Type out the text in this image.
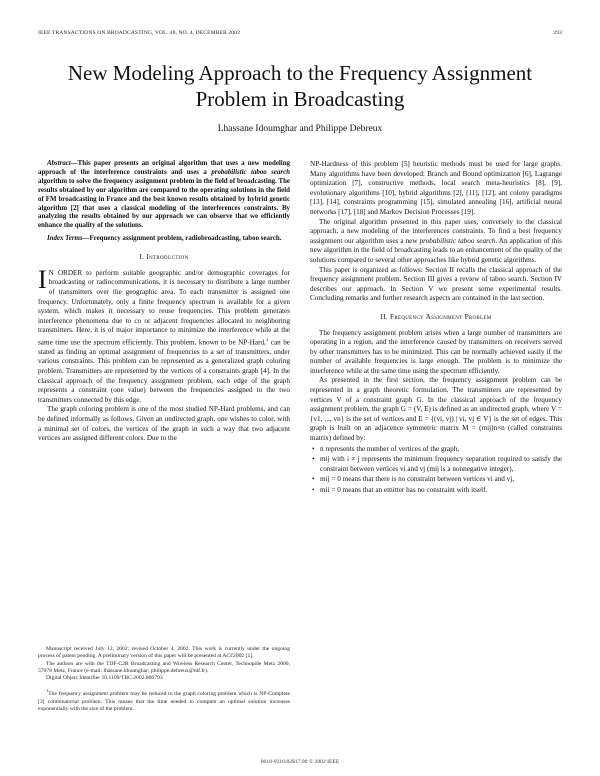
IEEE TRANSACTIONS ON BROADCASTING, VOL. 48, NO. 4, DECEMBER 2002	293
New Modeling Approach to the Frequency Assignment Problem in Broadcasting
Lhassane Idoumghar and Philippe Debreux

Abstract—This paper presents an original algorithm that uses a new modeling approach of the interference constraints and uses a probabilistic taboo search algorithm to solve the frequency assignment problem in the field of broadcasting. The results obtained by our algorithm are compared to the operating solutions in the field of FM broadcasting in France and the best known results obtained by hybrid genetic algorithm [2] that uses a classical modeling of the interferences constraints. By analyzing the results obtained by our approach we can observe that we efficiently enhance the quality of the solutions.

Index Terms—Frequency assignment problem, radiobroadcasting, taboo search.

I. Introduction

I N ORDER to perform suitable geographic and/or demographic coverages for broadcasting or radiocommunications, it is necessary to distribute a large number of transmitters over the geographic area. To each transmitter is assigned one frequency. Unfortunately, only a finite frequency spectrum is available for a given system, which makes it necessary to reuse frequencies. This problem generates interference phenomena due to co or adjacent frequencies allocated to neighboring transmitters. Here, it is of major importance to minimize the interference while at the same time use the spectrum efficiently. This problem, known to be NP-Hard,$^1$ can be stated as finding an optimal assignment of frequencies to a set of transmitters, under various constraints. This problem can be represented as a generalized graph coloring problem. Transmitters are represented by the vertices of a constraints graph [4]. In the classical approach of the frequency assignment problem, each edge of the graph represents a constraint (one value) between the frequencies assigned to the two transmitters connected by this edge.

The graph coloring problem is one of the most studied NP-Hard problems, and can be defined informally as follows. Given an undirected graph, one wishes to color, with a minimal set of colors, the vertices of the graph in such a way that two adjacent vertices are assigned different colors. Due to the

Manuscript received July 12, 2002; revised October 4, 2002. This work is currently under the ongoing process of patent pending. A preliminary version of this paper will be presented at ACI'2002 [1].

The authors are with the TDF-C2R Broadcasting and Wireless Research Center, Technopôle Metz 2000, 57078 Metz, France (e-mail: lhassane.idoumghar; philippe.debreux@tdf.fr).

Digital Object Identifier 10.1109/TBC.2002.806793

$^1$The frequency assignment problem may be reduced to the graph coloring problem which is NP-Complete [3] combinatorial problem. This means that the time needed to compute an optimal solution increases exponentially with the size of the problem.

NP-Hardness of this problem [5] heuristic methods must be used for large graphs. Many algorithms have been developed: Branch and Bound optimization [6], Lagrange optimization [7], constructive methods, local search meta-heuristics [8], [9], evolutionary algorithms [10], hybrid algorithms [2], [11], [12], ant colony paradigms [13], [14], constraints programming [15], simulated annealing [16], artificial neural networks [17], [18] and Markov Decision Processes [19].

The original algorithm presented in this paper uses, conversely to the classical approach, a new modeling of the interferences constraints. To find a best frequency assignment our algorithm uses a new probabilistic taboo search. An application of this new algorithm in the field of broadcasting leads to an enhancement of the quality of the solutions compared to several other approaches like hybrid genetic algorithms.

This paper is organized as follows: Section II recalls the classical approach of the frequency assignment problem. Section III gives a review of taboo search. Section IV describes our approach. In Section V we present some experimental results. Concluding remarks and further research aspects are contained in the last section.

II. Frequency Assignment Problem

The frequency assignment problem arises when a large number of transmitters are operating in a region, and the interference caused by transmitters on receivers served by other transmitters has to be minimized. This can be normally achieved easily if the number of available frequencies is large enough. The problem is to minimize the interference while at the same time using the spectrum efficiently.

As presented in the first section, the frequency assignment problem can be represented in a graph theoretic formulation. The transmitters are represented by vertices V of a constraint graph G. In the classical approach of the frequency assignment problem, the graph G = (V, E) is defined as an undirected graph, where V = {v1, ..., vn} is the set of vertices and E = {(vi, vj) | vi, vj ∈ V} is the set of edges. This graph is built on an adjacence symmetric matrix M = (mij)n×n (called constraints matrix) defined by:

• n represents the number of vertices of the graph,
• mij with i ≠ j represents the minimum frequency separation required to satisfy the constraint between vertices vi and vj (mij is a nonnegative integer),
• mij = 0 means that there is no constraint between vertices vi and vj,
• mii = 0 means that an emitter has no constraint with itself.
0018-9316/02$17.00 © 2002 IEEE
